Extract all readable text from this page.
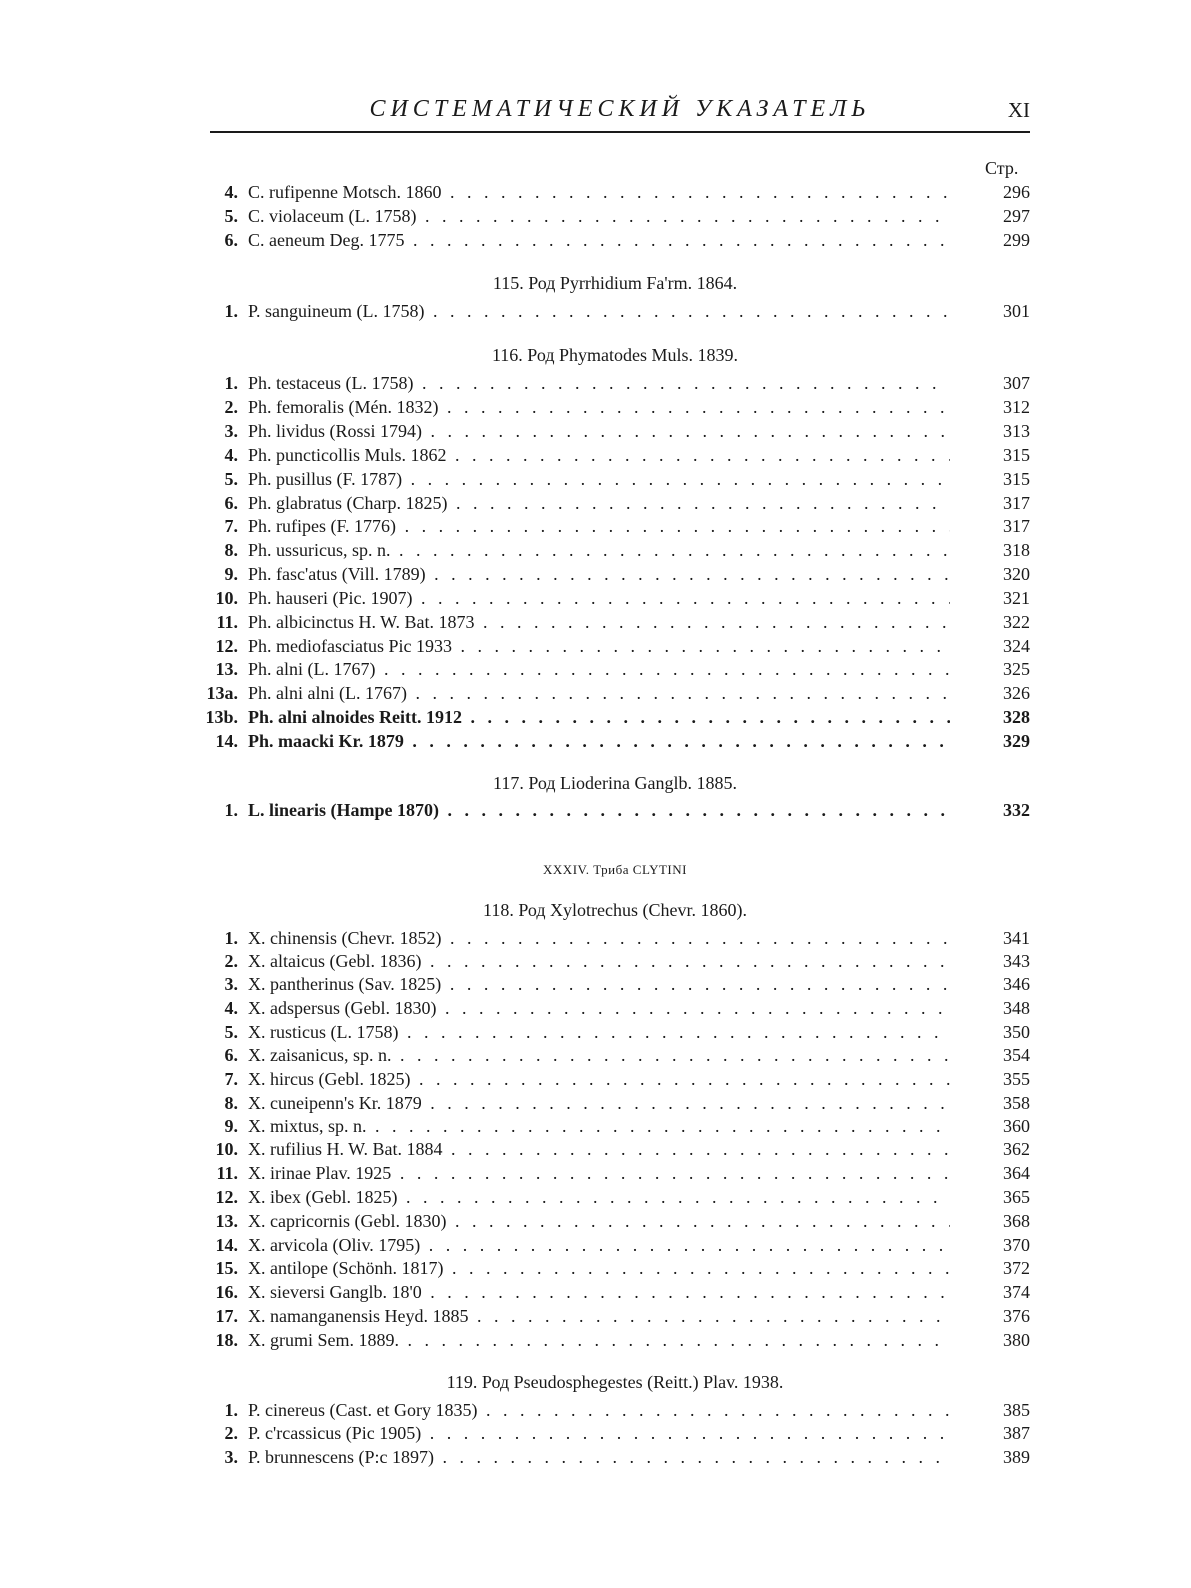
СИСТЕМАТИЧЕСКИЙ УКАЗАТЕЛЬ	XI
Стр.
4. C. rufipenne Motsch. 1860 . . .	296
5. C. violaceum (L. 1758) . . .	297
6. C. aeneum Deg. 1775 . . .	299
115. Род Pyrrhidium Fa'rm. 1864.
1. P. sanguineum (L. 1758) . . .	301
116. Род Phymatodes Muls. 1839.
1. Ph. testaceus (L. 1758) . . .	307
2. Ph. femoralis (Mén. 1832) . . .	312
3. Ph. lividus (Rossi 1794) . . .	313
4. Ph. puncticollis Muls. 1862 . . .	315
5. Ph. pusillus (F. 1787) . . .	315
6. Ph. glabratus (Charp. 1825) . . .	317
7. Ph. rufipes (F. 1776) . . .	317
8. Ph. ussuricus, sp. n. . . .	318
9. Ph. fasc'atus (Vill. 1789) . . .	320
10. Ph. hauseri (Pic. 1907) . . .	321
11. Ph. albicinctus H. W. Bat. 1873 . . .	322
12. Ph. mediofasciatus Pic 1933 . . .	324
13. Ph. alni (L. 1767) . . .	325
13a. Ph. alni alni (L. 1767) . . .	326
13b. Ph. alni alnoides Reitt. 1912 . . .	328
14. Ph. maacki Kr. 1879 . . .	329
117. Род Lioderina Ganglb. 1885.
1. L. linearis (Hampe 1870) . . .	332
XXXIV. Триба CLYTINI
118. Род Xylotrechus (Chevr. 1860).
1. X. chinensis (Chevr. 1852) . . .	341
2. X. altaicus (Gebl. 1836) . . .	343
3. X. pantherinus (Sav. 1825) . . .	346
4. X. adspersus (Gebl. 1830) . . .	348
5. X. rusticus (L. 1758) . . .	350
6. X. zaisanicus, sp. n. . . .	354
7. X. hircus (Gebl. 1825) . . .	355
8. X. cuneipenn's Kr. 1879 . . .	358
9. X. mixtus, sp. n. . . .	360
10. X. rufilius H. W. Bat. 1884 . . .	362
11. X. irinae Plav. 1925 . . .	364
12. X. ibex (Gebl. 1825) . . .	365
13. X. capricornis (Gebl. 1830) . . .	368
14. X. arvicola (Oliv. 1795) . . .	370
15. X. antilope (Schönh. 1817) . . .	372
16. X. sieversi Ganglb. 18'0 . . .	374
17. X. namanganensis Heyd. 1885 . . .	376
18. X. grumi Sem. 1889. . . .	380
119. Род Pseudosphegestes (Reitt.) Plav. 1938.
1. P. cinereus (Cast. et Gory 1835) . . .	385
2. P. c'rcassicus (Pic 1905) . . .	387
3. P. brunnescens (P:c 1897) . . .	389
